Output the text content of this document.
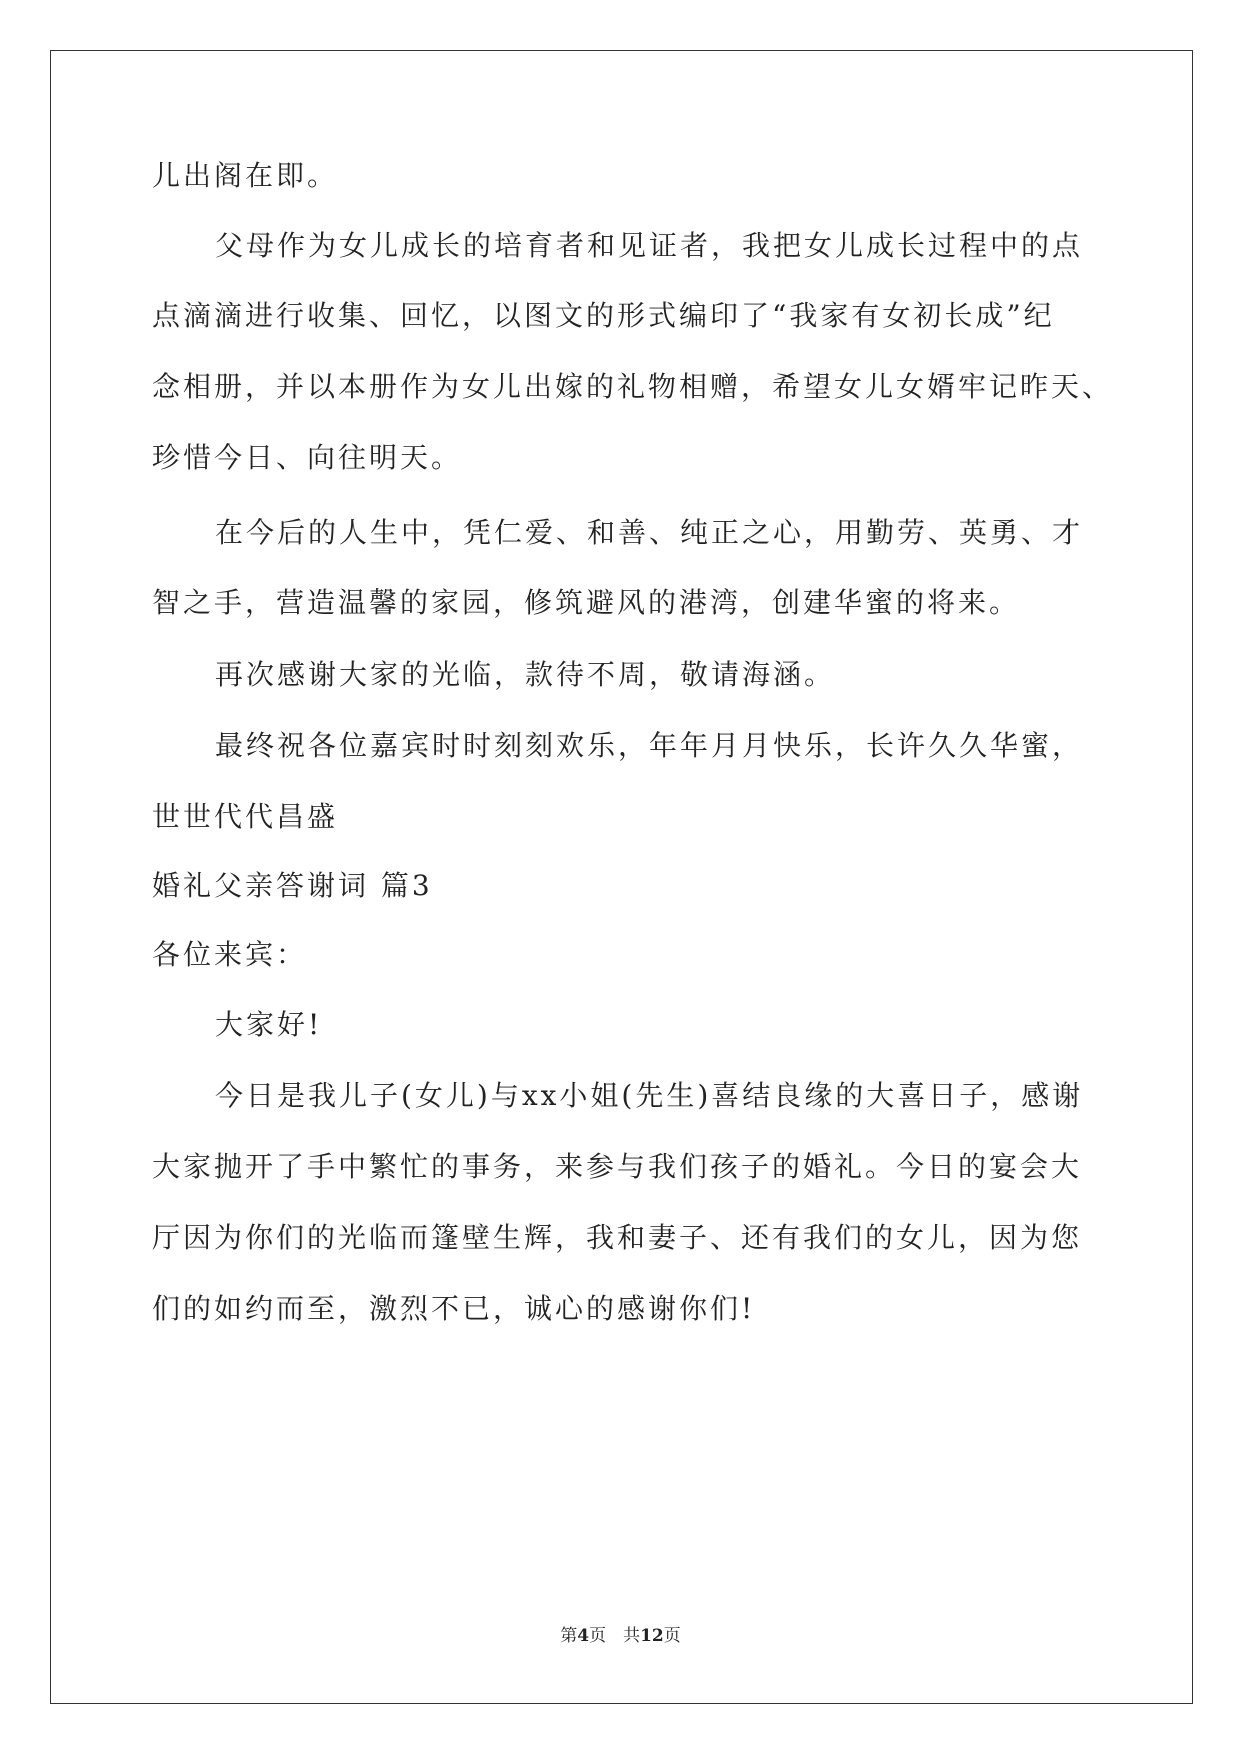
儿出阁在即。
父母作为女儿成长的培育者和见证者，我把女儿成长过程中的点
点滴滴进行收集、回忆，以图文的形式编印了“我家有女初长成”纪
念相册，并以本册作为女儿出嫁的礼物相赠，希望女儿女婿牢记昨天、
珍惜今日、向往明天。
在今后的人生中，凭仁爱、和善、纯正之心，用勤劳、英勇、才
智之手，营造温馨的家园，修筑避风的港湾，创建华蜜的将来。
再次感谢大家的光临，款待不周，敬请海涵。
最终祝各位嘉宾时时刻刻欢乐，年年月月快乐，长许久久华蜜，
世世代代昌盛
婚礼父亲答谢词 篇3
各位来宾：
大家好!
今日是我儿子(女儿)与xx小姐(先生)喜结良缘的大喜日子，感谢
大家抛开了手中繁忙的事务，来参与我们孩子的婚礼。今日的宴会大
厅因为你们的光临而篷壁生辉，我和妻子、还有我们的女儿，因为您
们的如约而至，激烈不已，诚心的感谢你们!
第4页　共12页
